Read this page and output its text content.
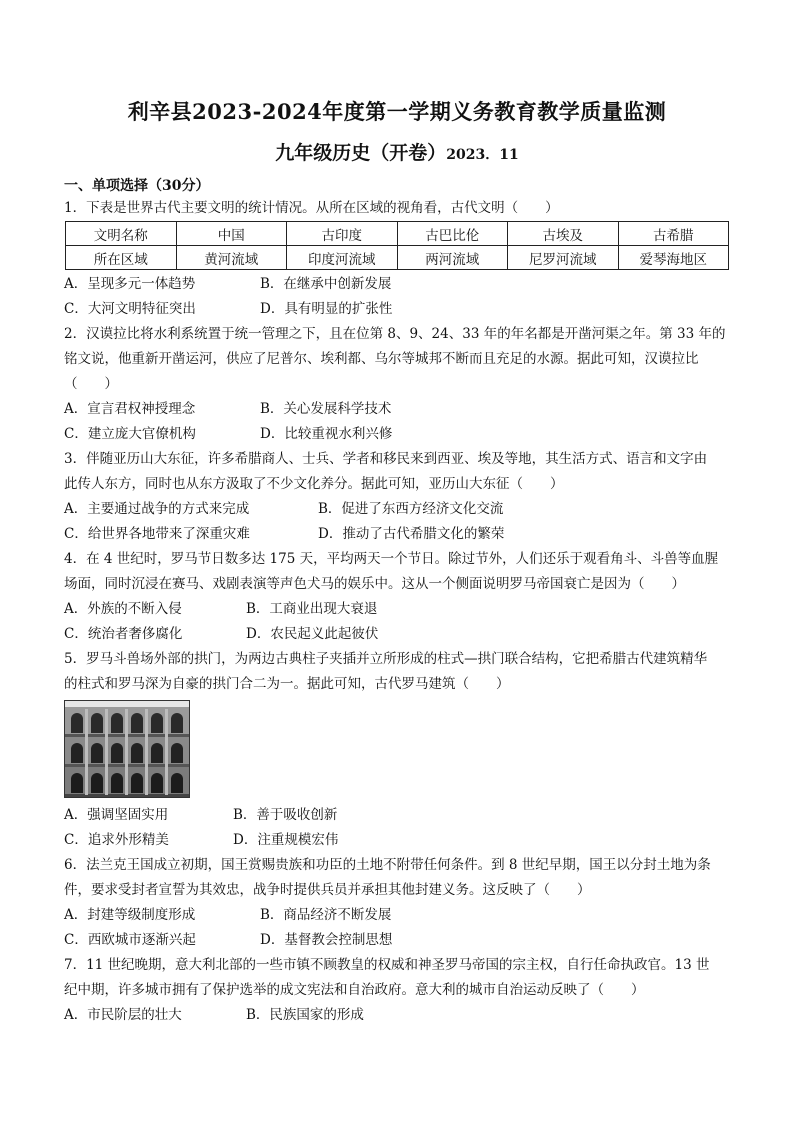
利辛县2023-2024年度第一学期义务教育教学质量监测
九年级历史（开卷）2023．11
一、单项选择（30分）
1．下表是世界古代主要文明的统计情况。从所在区域的视角看，古代文明（　　）
文明名称	中国	古印度	古巴比伦	古埃及	古希腊
所在区域	黄河流域	印度河流域	两河流域	尼罗河流域	爱琴海地区
A．呈现多元一体趋势	B．在继承中创新发展
C．大河文明特征突出	D．具有明显的扩张性
2．汉谟拉比将水利系统置于统一管理之下，且在位第 8、9、24、33 年的年名都是开凿河渠之年。第 33 年的
铭文说，他重新开凿运河，供应了尼普尔、埃利都、乌尔等城邦不断而且充足的水源。据此可知，汉谟拉比
（　　）
A．宣言君权神授理念	B．关心发展科学技术
C．建立庞大官僚机构	D．比较重视水利兴修
3．伴随亚历山大东征，许多希腊商人、士兵、学者和移民来到西亚、埃及等地，其生活方式、语言和文字由
此传人东方，同时也从东方汲取了不少文化养分。据此可知，亚历山大东征（　　）
A．主要通过战争的方式来完成	B．促进了东西方经济文化交流
C．给世界各地带来了深重灾难	D．推动了古代希腊文化的繁荣
4．在 4 世纪时，罗马节日数多达 175 天，平均两天一个节日。除过节外，人们还乐于观看角斗、斗兽等血腥
场面，同时沉浸在赛马、戏剧表演等声色犬马的娱乐中。这从一个侧面说明罗马帝国衰亡是因为（　　）
A．外族的不断入侵	B．工商业出现大衰退
C．统治者奢侈腐化	D．农民起义此起彼伏
5．罗马斗兽场外部的拱门，为两边古典柱子夹插并立所形成的柱式—拱门联合结构，它把希腊古代建筑精华
的柱式和罗马深为自豪的拱门合二为一。据此可知，古代罗马建筑（　　）
A．强调坚固实用	B．善于吸收创新
C．追求外形精美	D．注重规模宏伟
6．法兰克王国成立初期，国王赏赐贵族和功臣的土地不附带任何条件。到 8 世纪早期，国王以分封土地为条
件，要求受封者宣誓为其效忠，战争时提供兵员并承担其他封建义务。这反映了（　　）
A．封建等级制度形成	B．商品经济不断发展
C．西欧城市逐渐兴起	D．基督教会控制思想
7．11 世纪晚期，意大利北部的一些市镇不顾教皇的权威和神圣罗马帝国的宗主权，自行任命执政官。13 世
纪中期，许多城市拥有了保护选举的成文宪法和自治政府。意大利的城市自治运动反映了（　　）
A．市民阶层的壮大	B．民族国家的形成
